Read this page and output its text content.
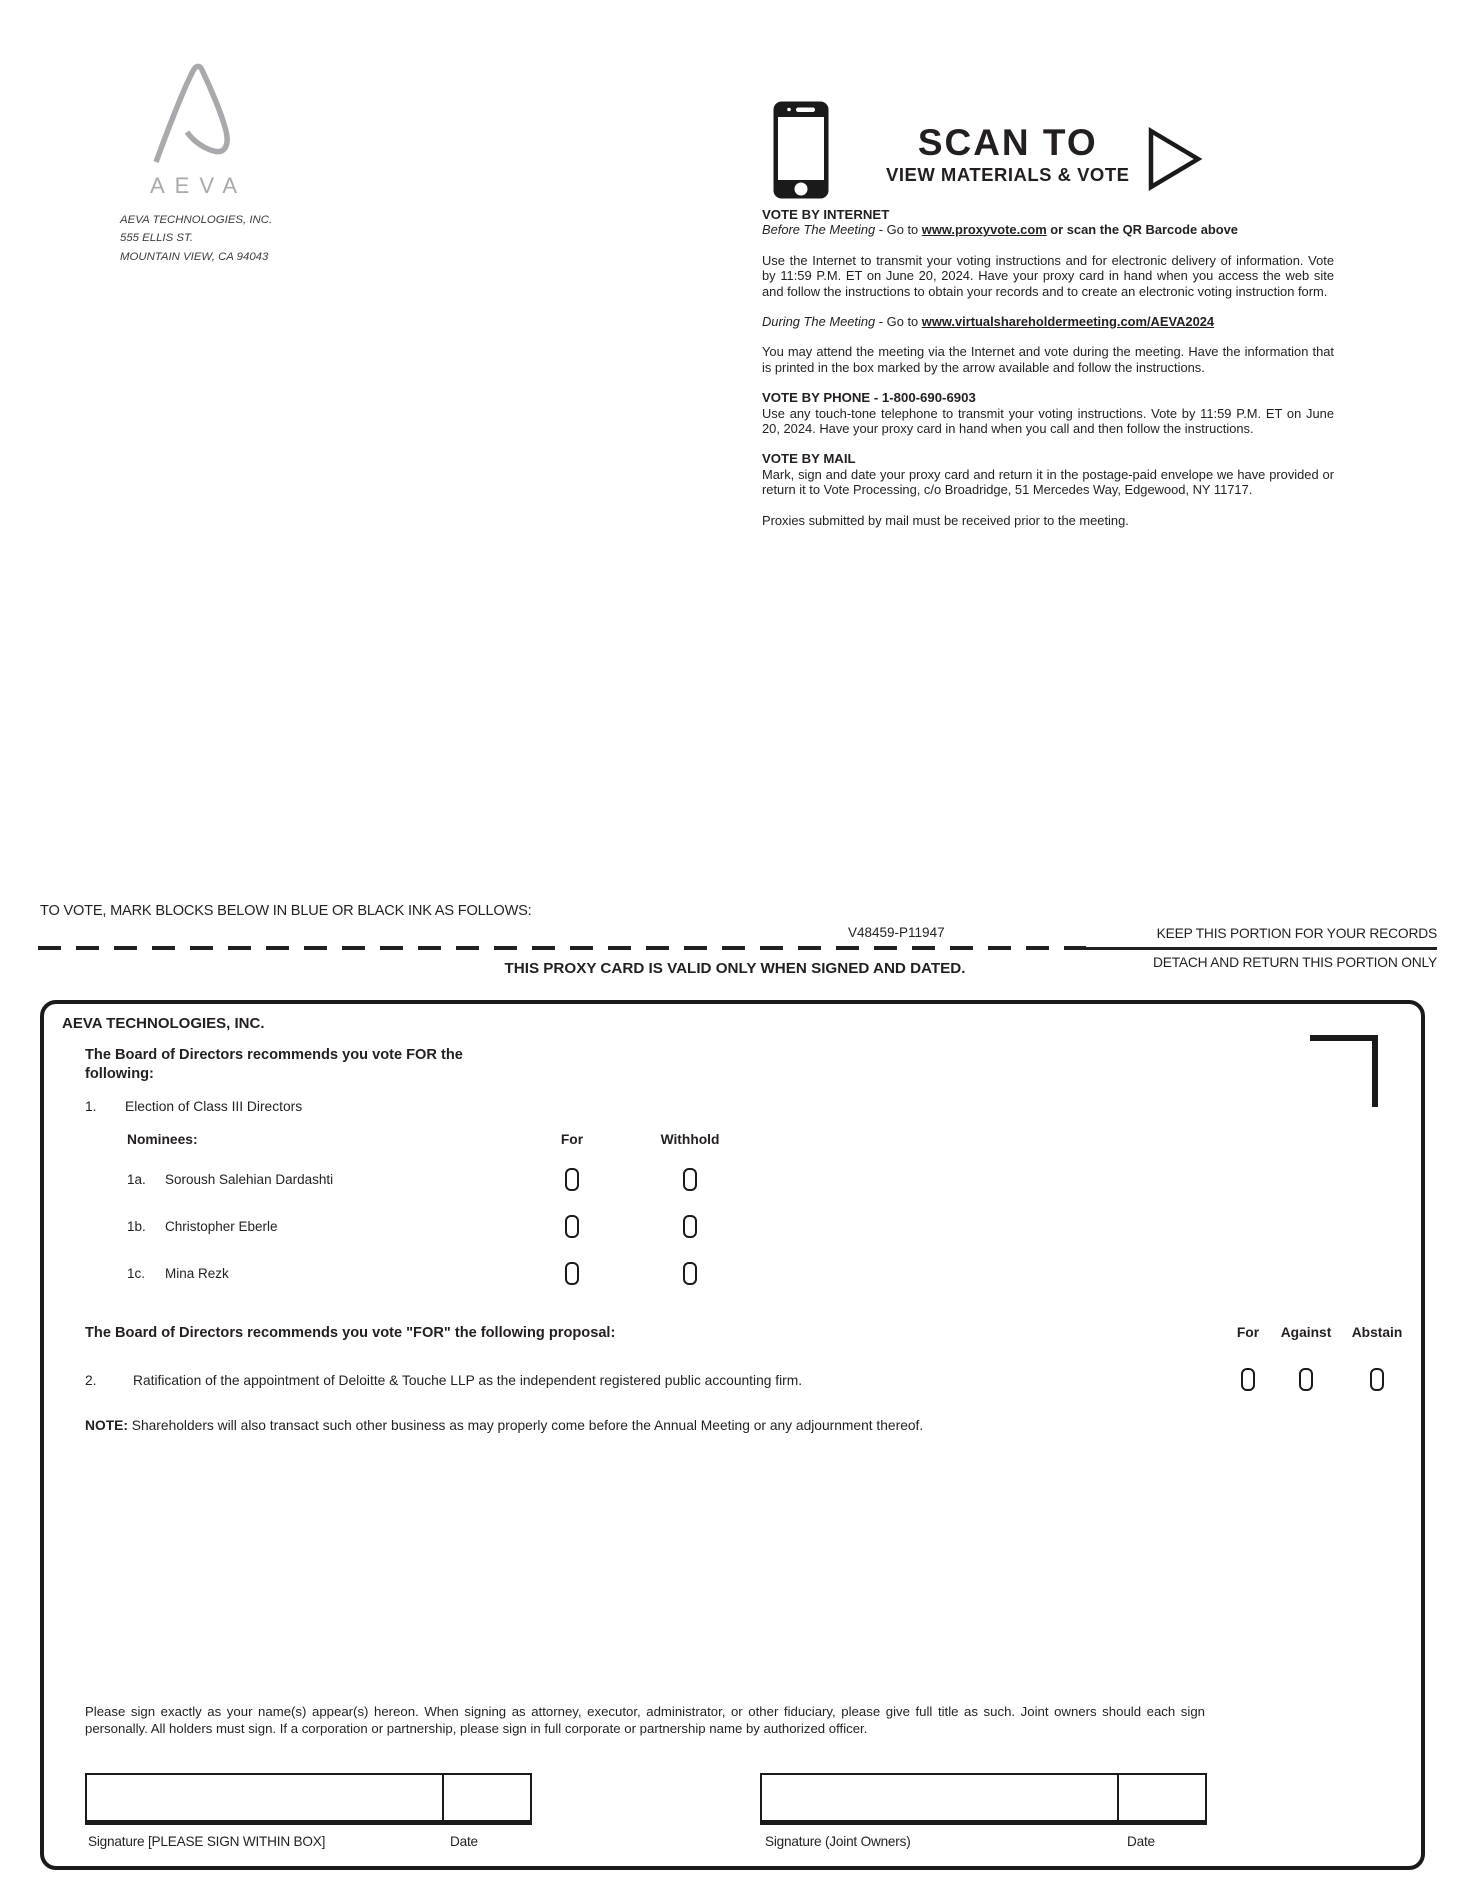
AEVA
AEVA TECHNOLOGIES, INC.
555 ELLIS ST.
MOUNTAIN VIEW, CA 94043
SCAN TO
VIEW MATERIALS & VOTE
VOTE BY INTERNET
Before The Meeting - Go to www.proxyvote.com or scan the QR Barcode above
Use the Internet to transmit your voting instructions and for electronic delivery of information. Vote by 11:59 P.M. ET on June 20, 2024. Have your proxy card in hand when you access the web site and follow the instructions to obtain your records and to create an electronic voting instruction form.
During The Meeting - Go to www.virtualshareholdermeeting.com/AEVA2024
You may attend the meeting via the Internet and vote during the meeting. Have the information that is printed in the box marked by the arrow available and follow the instructions.
VOTE BY PHONE - 1-800-690-6903
Use any touch-tone telephone to transmit your voting instructions. Vote by 11:59 P.M. ET on June 20, 2024. Have your proxy card in hand when you call and then follow the instructions.
VOTE BY MAIL
Mark, sign and date your proxy card and return it in the postage-paid envelope we have provided or return it to Vote Processing, c/o Broadridge, 51 Mercedes Way, Edgewood, NY 11717.
Proxies submitted by mail must be received prior to the meeting.
TO VOTE, MARK BLOCKS BELOW IN BLUE OR BLACK INK AS FOLLOWS:
V48459-P11947	KEEP THIS PORTION FOR YOUR RECORDS
DETACH AND RETURN THIS PORTION ONLY
THIS PROXY CARD IS VALID ONLY WHEN SIGNED AND DATED.
AEVA TECHNOLOGIES, INC.
The Board of Directors recommends you vote FOR the following:
1. Election of Class III Directors
Nominees:	For	Withhold
1a. Soroush Salehian Dardashti
1b. Christopher Eberle
1c. Mina Rezk
The Board of Directors recommends you vote "FOR" the following proposal:	For Against Abstain
2.	Ratification of the appointment of Deloitte & Touche LLP as the independent registered public accounting firm.
NOTE: Shareholders will also transact such other business as may properly come before the Annual Meeting or any adjournment thereof.
Please sign exactly as your name(s) appear(s) hereon. When signing as attorney, executor, administrator, or other fiduciary, please give full title as such. Joint owners should each sign personally. All holders must sign. If a corporation or partnership, please sign in full corporate or partnership name by authorized officer.
Signature [PLEASE SIGN WITHIN BOX]	Date	Signature (Joint Owners)	Date
